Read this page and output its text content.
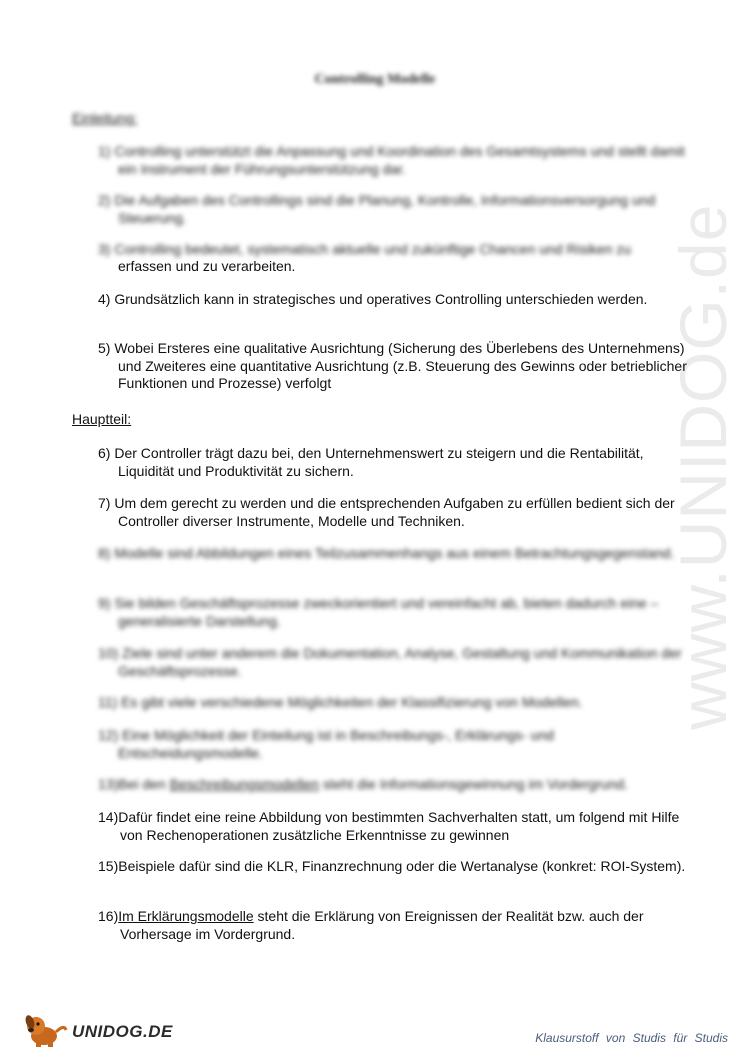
www.UNIDOG.de
Controlling Modelle
Einleitung:
1) Controlling unterstützt die Anpassung und Koordination des Gesamtsystems und stellt damit ein Instrument der Führungsunterstützung dar.
2) Die Aufgaben des Controllings sind die Planung, Kontrolle, Informationsversorgung und Steuerung.
3) Controlling bedeutet, systematisch aktuelle und zukünftige Chancen und Risiken zu
erfassen und zu verarbeiten.
4) Grundsätzlich kann in strategisches und operatives Controlling unterschieden werden.
5) Wobei Ersteres eine qualitative Ausrichtung (Sicherung des Überlebens des Unternehmens) und Zweiteres eine quantitative Ausrichtung (z.B. Steuerung des Gewinns oder betrieblicher Funktionen und Prozesse) verfolgt
Hauptteil:
6) Der Controller trägt dazu bei, den Unternehmenswert zu steigern und die Rentabilität, Liquidität und Produktivität zu sichern.
7) Um dem gerecht zu werden und die entsprechenden Aufgaben zu erfüllen bedient sich der Controller diverser Instrumente, Modelle und Techniken.
8) Modelle sind Abbildungen eines Teilzusammenhangs aus einem Betrachtungsgegenstand.
9) Sie bilden Geschäftsprozesse zweckorientiert und vereinfacht ab, bieten dadurch eine – generalisierte Darstellung.
10) Ziele sind unter anderem die Dokumentation, Analyse, Gestaltung und Kommunikation der Geschäftsprozesse.
11) Es gibt viele verschiedene Möglichkeiten der Klassifizierung von Modellen.
12) Eine Möglichkeit der Einteilung ist in Beschreibungs-, Erklärungs- und Entscheidungsmodelle.
13)Bei den Beschreibungsmodellen steht die Informationsgewinnung im Vordergrund.
14)Dafür findet eine reine Abbildung von bestimmten Sachverhalten statt, um folgend mit Hilfe von Rechenoperationen zusätzliche Erkenntnisse zu gewinnen
15)Beispiele dafür sind die KLR, Finanzrechnung oder die Wertanalyse (konkret: ROI-System).
16)Im Erklärungsmodelle steht die Erklärung von Ereignissen der Realität bzw. auch der Vorhersage im Vordergrund.
UNIDOG.DE	Klausurstoff von Studis für Studis
